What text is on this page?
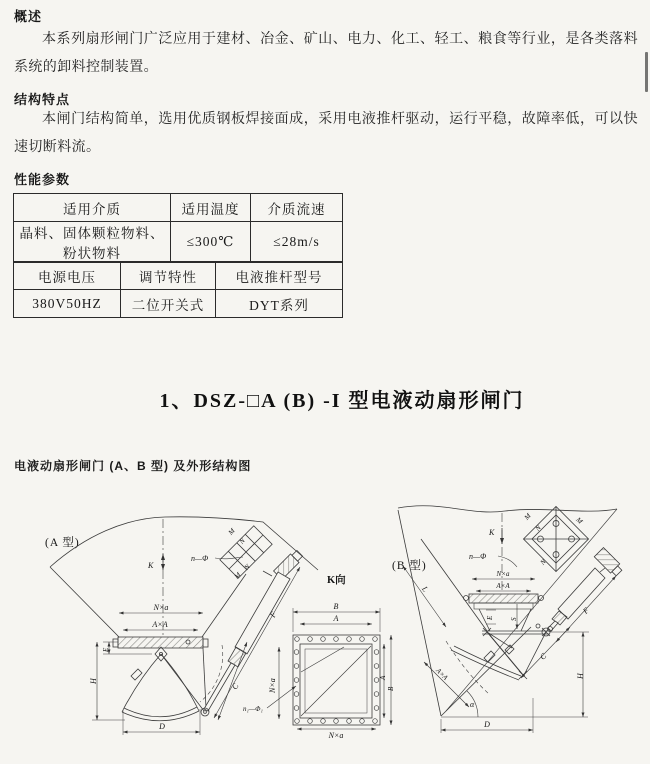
概述
本系列扇形闸门广泛应用于建材、冶金、矿山、电力、化工、轻工、粮食等行业，是各类落料系统的卸料控制装置。
结构特点
本闸门结构简单，选用优质钢板焊接面成，采用电液推杆驱动，运行平稳，故障率低，可以快速切断料流。
性能参数
适用介质	适用温度	介质流速
晶料、固体颗粒物料、粉状物料	≤300℃	≤28m/s
电源电压	调节特性	电液推杆型号
380V50HZ	二位开关式	DYT系列
1、DSZ-□A (B) -I 型电液动扇形闸门
电液动扇形闸门 (A、B 型) 及外形结构图
(A 型)
K
n—Φ
M
N
N
M
F
C
N×a
A×A
E
H
D
K向
B
A
N×a
A
B
N×a
n₁—Φ₁
(B 型)
K
n—Φ
N×a
A×A
E S
L
A×A
α
D
H
C
F
M
N
M
N
